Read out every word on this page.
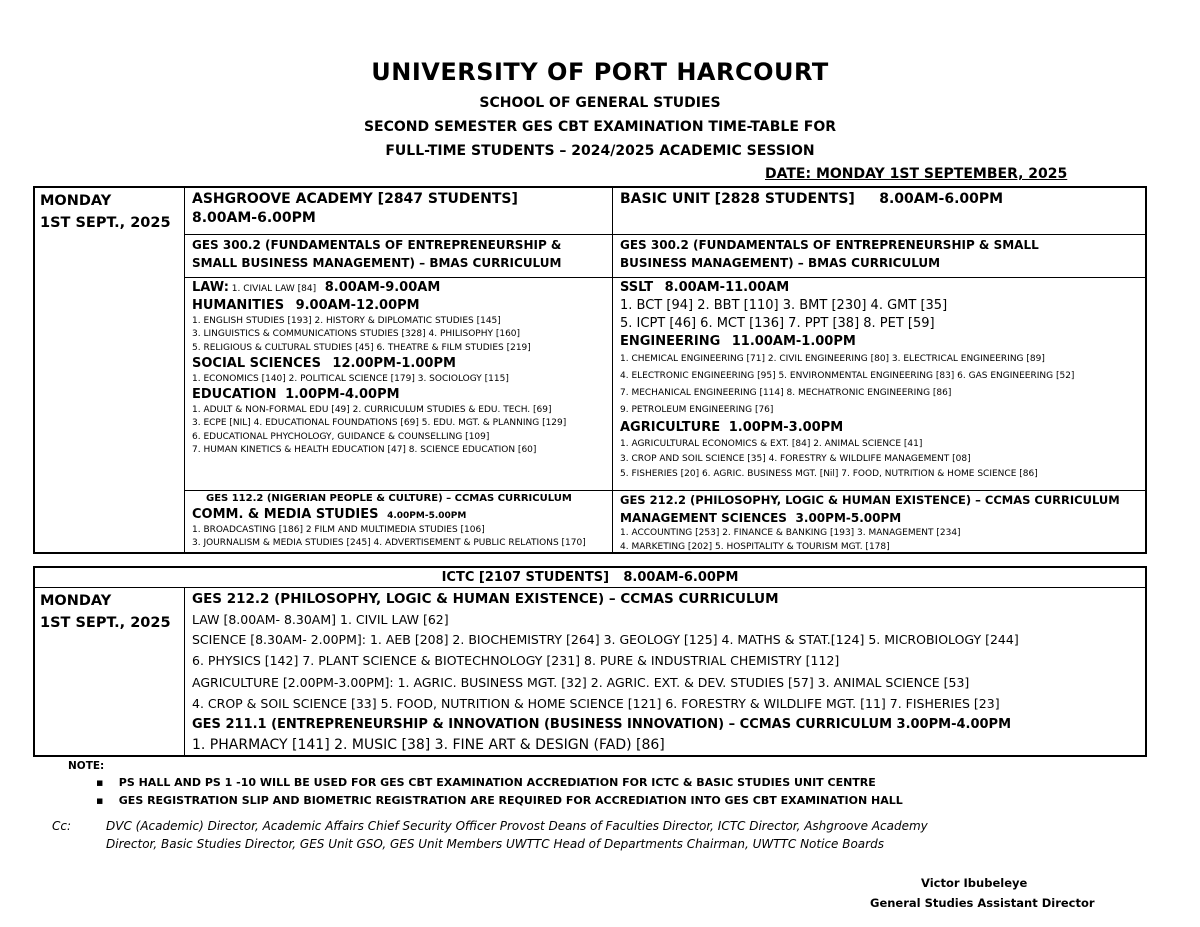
UNIVERSITY OF PORT HARCOURT
SCHOOL OF GENERAL STUDIES
SECOND SEMESTER GES CBT EXAMINATION TIME-TABLE FOR
FULL-TIME STUDENTS – 2024/2025 ACADEMIC SESSION
DATE: MONDAY 1ST SEPTEMBER, 2025
MONDAY
1ST SEPT., 2025
ASHGROOVE ACADEMY [2847 STUDENTS]
8.00AM-6.00PM
GES 300.2 (FUNDAMENTALS OF ENTREPRENEURSHIP &
SMALL BUSINESS MANAGEMENT) – BMAS CURRICULUM
LAW: 1. CIVIAL LAW [84] 8.00AM-9.00AM
HUMANITIES 9.00AM-12.00PM
1. ENGLISH STUDIES [193] 2. HISTORY & DIPLOMATIC STUDIES [145]
3. LINGUISTICS & COMMUNICATIONS STUDIES [328] 4. PHILISOPHY [160]
5. RELIGIOUS & CULTURAL STUDIES [45] 6. THEATRE & FILM STUDIES [219]
SOCIAL SCIENCES 12.00PM-1.00PM
1. ECONOMICS [140] 2. POLITICAL SCIENCE [179] 3. SOCIOLOGY [115]
EDUCATION 1.00PM-4.00PM
1. ADULT & NON-FORMAL EDU [49] 2. CURRICULUM STUDIES & EDU. TECH. [69]
3. ECPE [NIL] 4. EDUCATIONAL FOUNDATIONS [69] 5. EDU. MGT. & PLANNING [129]
6. EDUCATIONAL PHYCHOLOGY, GUIDANCE & COUNSELLING [109]
7. HUMAN KINETICS & HEALTH EDUCATION [47] 8. SCIENCE EDUCATION [60]
GES 112.2 (NIGERIAN PEOPLE & CULTURE) – CCMAS CURRICULUM
COMM. & MEDIA STUDIES 4.00PM-5.00PM
1. BROADCASTING [186] 2 FILM AND MULTIMEDIA STUDIES [106]
3. JOURNALISM & MEDIA STUDIES [245] 4. ADVERTISEMENT & PUBLIC RELATIONS [170]
BASIC UNIT [2828 STUDENTS] 8.00AM-6.00PM
GES 300.2 (FUNDAMENTALS OF ENTREPRENEURSHIP & SMALL
BUSINESS MANAGEMENT) – BMAS CURRICULUM
SSLT 8.00AM-11.00AM
1. BCT [94] 2. BBT [110] 3. BMT [230] 4. GMT [35]
5. ICPT [46] 6. MCT [136] 7. PPT [38] 8. PET [59]
ENGINEERING 11.00AM-1.00PM
1. CHEMICAL ENGINEERING [71] 2. CIVIL ENGINEERING [80] 3. ELECTRICAL ENGINEERING [89]
4. ELECTRONIC ENGINEERING [95] 5. ENVIRONMENTAL ENGINEERING [83] 6. GAS ENGINEERING [52]
7. MECHANICAL ENGINEERING [114] 8. MECHATRONIC ENGINEERING [86]
9. PETROLEUM ENGINEERING [76]
AGRICULTURE 1.00PM-3.00PM
1. AGRICULTURAL ECONOMICS & EXT. [84] 2. ANIMAL SCIENCE [41]
3. CROP AND SOIL SCIENCE [35] 4. FORESTRY & WILDLIFE MANAGEMENT [08]
5. FISHERIES [20] 6. AGRIC. BUSINESS MGT. [Nil] 7. FOOD, NUTRITION & HOME SCIENCE [86]
GES 212.2 (PHILOSOPHY, LOGIC & HUMAN EXISTENCE) – CCMAS CURRICULUM
MANAGEMENT SCIENCES 3.00PM-5.00PM
1. ACCOUNTING [253] 2. FINANCE & BANKING [193] 3. MANAGEMENT [234]
4. MARKETING [202] 5. HOSPITALITY & TOURISM MGT. [178]
ICTC [2107 STUDENTS] 8.00AM-6.00PM
MONDAY
1ST SEPT., 2025
GES 212.2 (PHILOSOPHY, LOGIC & HUMAN EXISTENCE) – CCMAS CURRICULUM
LAW [8.00AM- 8.30AM] 1. CIVIL LAW [62]
SCIENCE [8.30AM- 2.00PM]: 1. AEB [208] 2. BIOCHEMISTRY [264] 3. GEOLOGY [125] 4. MATHS & STAT.[124] 5. MICROBIOLOGY [244]
6. PHYSICS [142] 7. PLANT SCIENCE & BIOTECHNOLOGY [231] 8. PURE & INDUSTRIAL CHEMISTRY [112]
AGRICULTURE [2.00PM-3.00PM]: 1. AGRIC. BUSINESS MGT. [32] 2. AGRIC. EXT. & DEV. STUDIES [57] 3. ANIMAL SCIENCE [53]
4. CROP & SOIL SCIENCE [33] 5. FOOD, NUTRITION & HOME SCIENCE [121] 6. FORESTRY & WILDLIFE MGT. [11] 7. FISHERIES [23]
GES 211.1 (ENTREPRENEURSHIP & INNOVATION (BUSINESS INNOVATION) – CCMAS CURRICULUM 3.00PM-4.00PM
1. PHARMACY [141] 2. MUSIC [38] 3. FINE ART & DESIGN (FAD) [86]
NOTE:
▪    PS HALL AND PS 1 -10 WILL BE USED FOR GES CBT EXAMINATION ACCREDIATION FOR ICTC & BASIC STUDIES UNIT CENTRE
▪    GES REGISTRATION SLIP AND BIOMETRIC REGISTRATION ARE REQUIRED FOR ACCREDIATION INTO GES CBT EXAMINATION HALL
Cc:	DVC (Academic) Director, Academic Affairs Chief Security Officer Provost Deans of Faculties Director, ICTC Director, Ashgroove Academy
Director, Basic Studies Director, GES Unit GSO, GES Unit Members UWTTC Head of Departments Chairman, UWTTC Notice Boards
Victor Ibubeleye
General Studies Assistant Director
